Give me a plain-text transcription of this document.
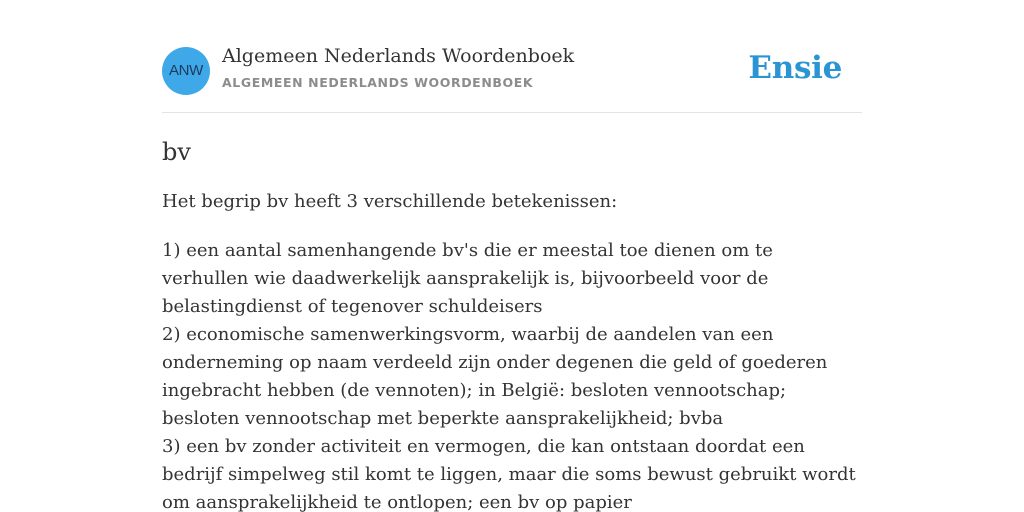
ANW
Algemeen Nederlands Woordenboek
ALGEMEEN NEDERLANDS WOORDENBOEK	Ensie
bv
Het begrip bv heeft 3 verschillende betekenissen:
1) een aantal samenhangende bv's die er meestal toe dienen om te verhullen wie daadwerkelijk aansprakelijk is, bijvoorbeeld voor de belastingdienst of tegenover schuldeisers
2) economische samenwerkingsvorm, waarbij de aandelen van een onderneming op naam verdeeld zijn onder degenen die geld of goederen ingebracht hebben (de vennoten); in België: besloten vennootschap; besloten vennootschap met beperkte aansprakelijkheid; bvba
3) een bv zonder activiteit en vermogen, die kan ontstaan doordat een bedrijf simpelweg stil komt te liggen, maar die soms bewust gebruikt wordt om aansprakelijkheid te ontlopen; een bv op papier
